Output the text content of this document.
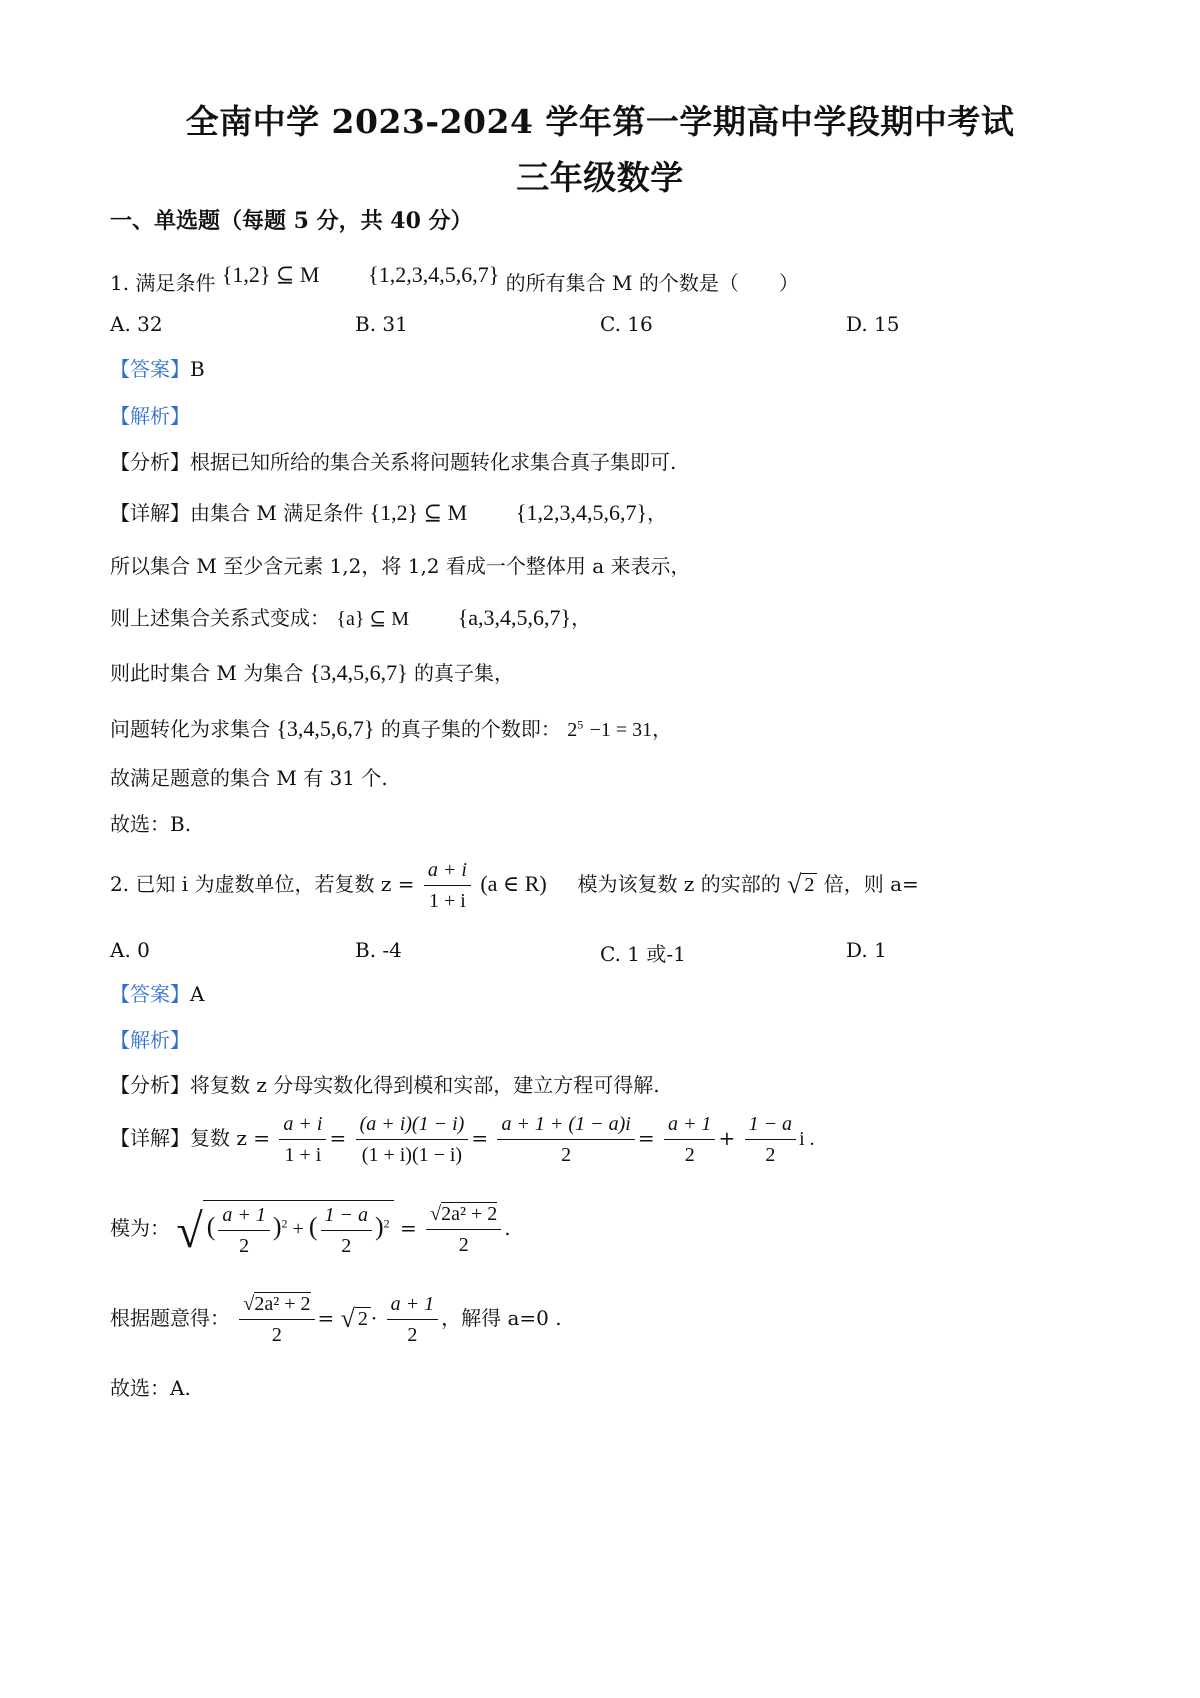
全南中学 2023-2024 学年第一学期高中学段期中考试
三年级数学
一、单选题（每题 5 分，共 40 分）
1. 满足条件 {1,2} ⊆ M {1,2,3,4,5,6,7} 的所有集合 M 的个数是（　　）
A. 32	B. 31	C. 16	D. 15
【答案】B
【解析】
【分析】根据已知所给的集合关系将问题转化求集合真子集即可.
【详解】由集合 M 满足条件 {1,2} ⊆ M {1,2,3,4,5,6,7}，
所以集合 M 至少含元素 1,2，将 1,2 看成一个整体用 a 来表示，
则上述集合关系式变成： {a} ⊆ M {a,3,4,5,6,7}，
则此时集合 M 为集合 {3,4,5,6,7} 的真子集，
问题转化为求集合 {3,4,5,6,7} 的真子集的个数即： $2^5 -1 = 31$，
故满足题意的集合 M 有 31 个.
故选：B.
2. 已知 i 为虚数单位，若复数 $z = \frac{a + i}{1 + i} (a$ ∈ R) 模为该复数 z 的实部的 √ 2 倍，则 a=
A. 0	B. -4	C. 1 或-1	D. 1
【答案】A
【解析】
【分析】将复数 z 分母实数化得到模和实部，建立方程可得解.
【详解】复数 $z = \frac{a + i}{1 + i} = \frac{(a + i)(1 - i)}{(1 + i)(1 - i)} = \frac{a + 1 + (1 - a)i}{2} = \frac{a + 1}{2} + \frac{1 - a}{2}$ i .
模为： √ ( $\frac{a + 1}{2} )^2$ + ( $\frac{1 - a}{2} )^2 = \frac{\text{√2a² + 2}}{2}$ .
根据题意得： $\frac{\text{√2a² + 2}}{2}$ = √ $2 \cdot \frac{a + 1}{2}$ ，解得 a=0 .
故选：A.
